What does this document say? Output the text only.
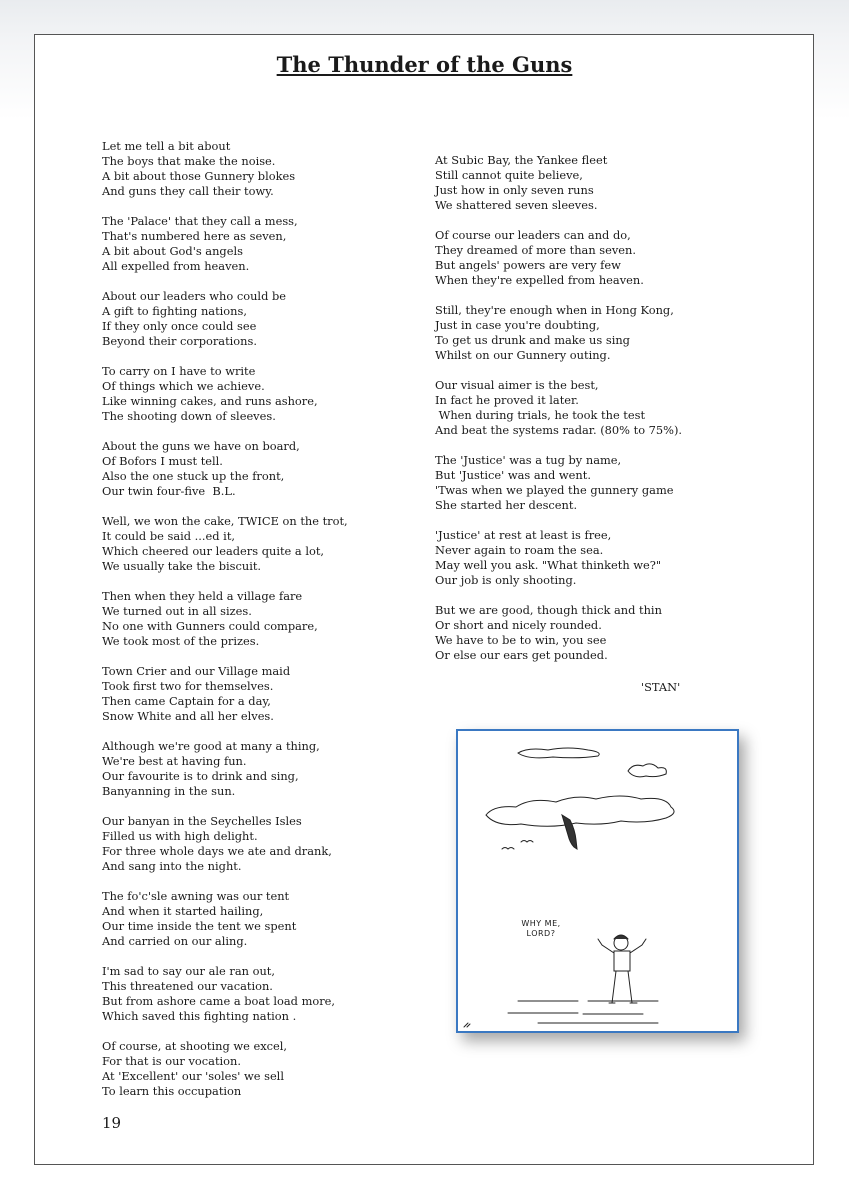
The Thunder of the Guns
Let me tell a bit about
The boys that make the noise.
A bit about those Gunnery blokes
And guns they call their towy.
The 'Palace' that they call a mess,
That's numbered here as seven,
A bit about God's angels
All expelled from heaven.
About our leaders who could be
A gift to fighting nations,
If they only once could see
Beyond their corporations.
To carry on I have to write
Of things which we achieve.
Like winning cakes, and runs ashore,
The shooting down of sleeves.
About the guns we have on board,
Of Bofors I must tell.
Also the one stuck up the front,
Our twin four-five  B.L.
Well, we won the cake, TWICE on the trot,
It could be said ...ed it,
Which cheered our leaders quite a lot,
We usually take the biscuit.
Then when they held a village fare
We turned out in all sizes.
No one with Gunners could compare,
We took most of the prizes.
Town Crier and our Village maid
Took first two for themselves.
Then came Captain for a day,
Snow White and all her elves.
Although we're good at many a thing,
We're best at having fun.
Our favourite is to drink and sing,
Banyanning in the sun.
Our banyan in the Seychelles Isles
Filled us with high delight.
For three whole days we ate and drank,
And sang into the night.
The fo'c'sle awning was our tent
And when it started hailing,
Our time inside the tent we spent
And carried on our aling.
I'm sad to say our ale ran out,
This threatened our vacation.
But from ashore came a boat load more,
Which saved this fighting nation .
Of course, at shooting we excel,
For that is our vocation.
At 'Excellent' our 'soles' we sell
To learn this occupation
At Subic Bay, the Yankee fleet
Still cannot quite believe,
Just how in only seven runs
We shattered seven sleeves.
Of course our leaders can and do,
They dreamed of more than seven.
But angels' powers are very few
When they're expelled from heaven.
Still, they're enough when in Hong Kong,
Just in case you're doubting,
To get us drunk and make us sing
Whilst on our Gunnery outing.
Our visual aimer is the best,
In fact he proved it later.
When during trials, he took the test
And beat the systems radar. (80% to 75%).
The 'Justice' was a tug by name,
But 'Justice' was and went.
'Twas when we played the gunnery game
She started her descent.
'Justice' at rest at least is free,
Never again to roam the sea.
May well you ask. "What thinketh we?"
Our job is only shooting.
But we are good, though thick and thin
Or short and nicely rounded.
We have to be to win, you see
Or else our ears get pounded.
'STAN'
WHY ME,
LORD?
19
